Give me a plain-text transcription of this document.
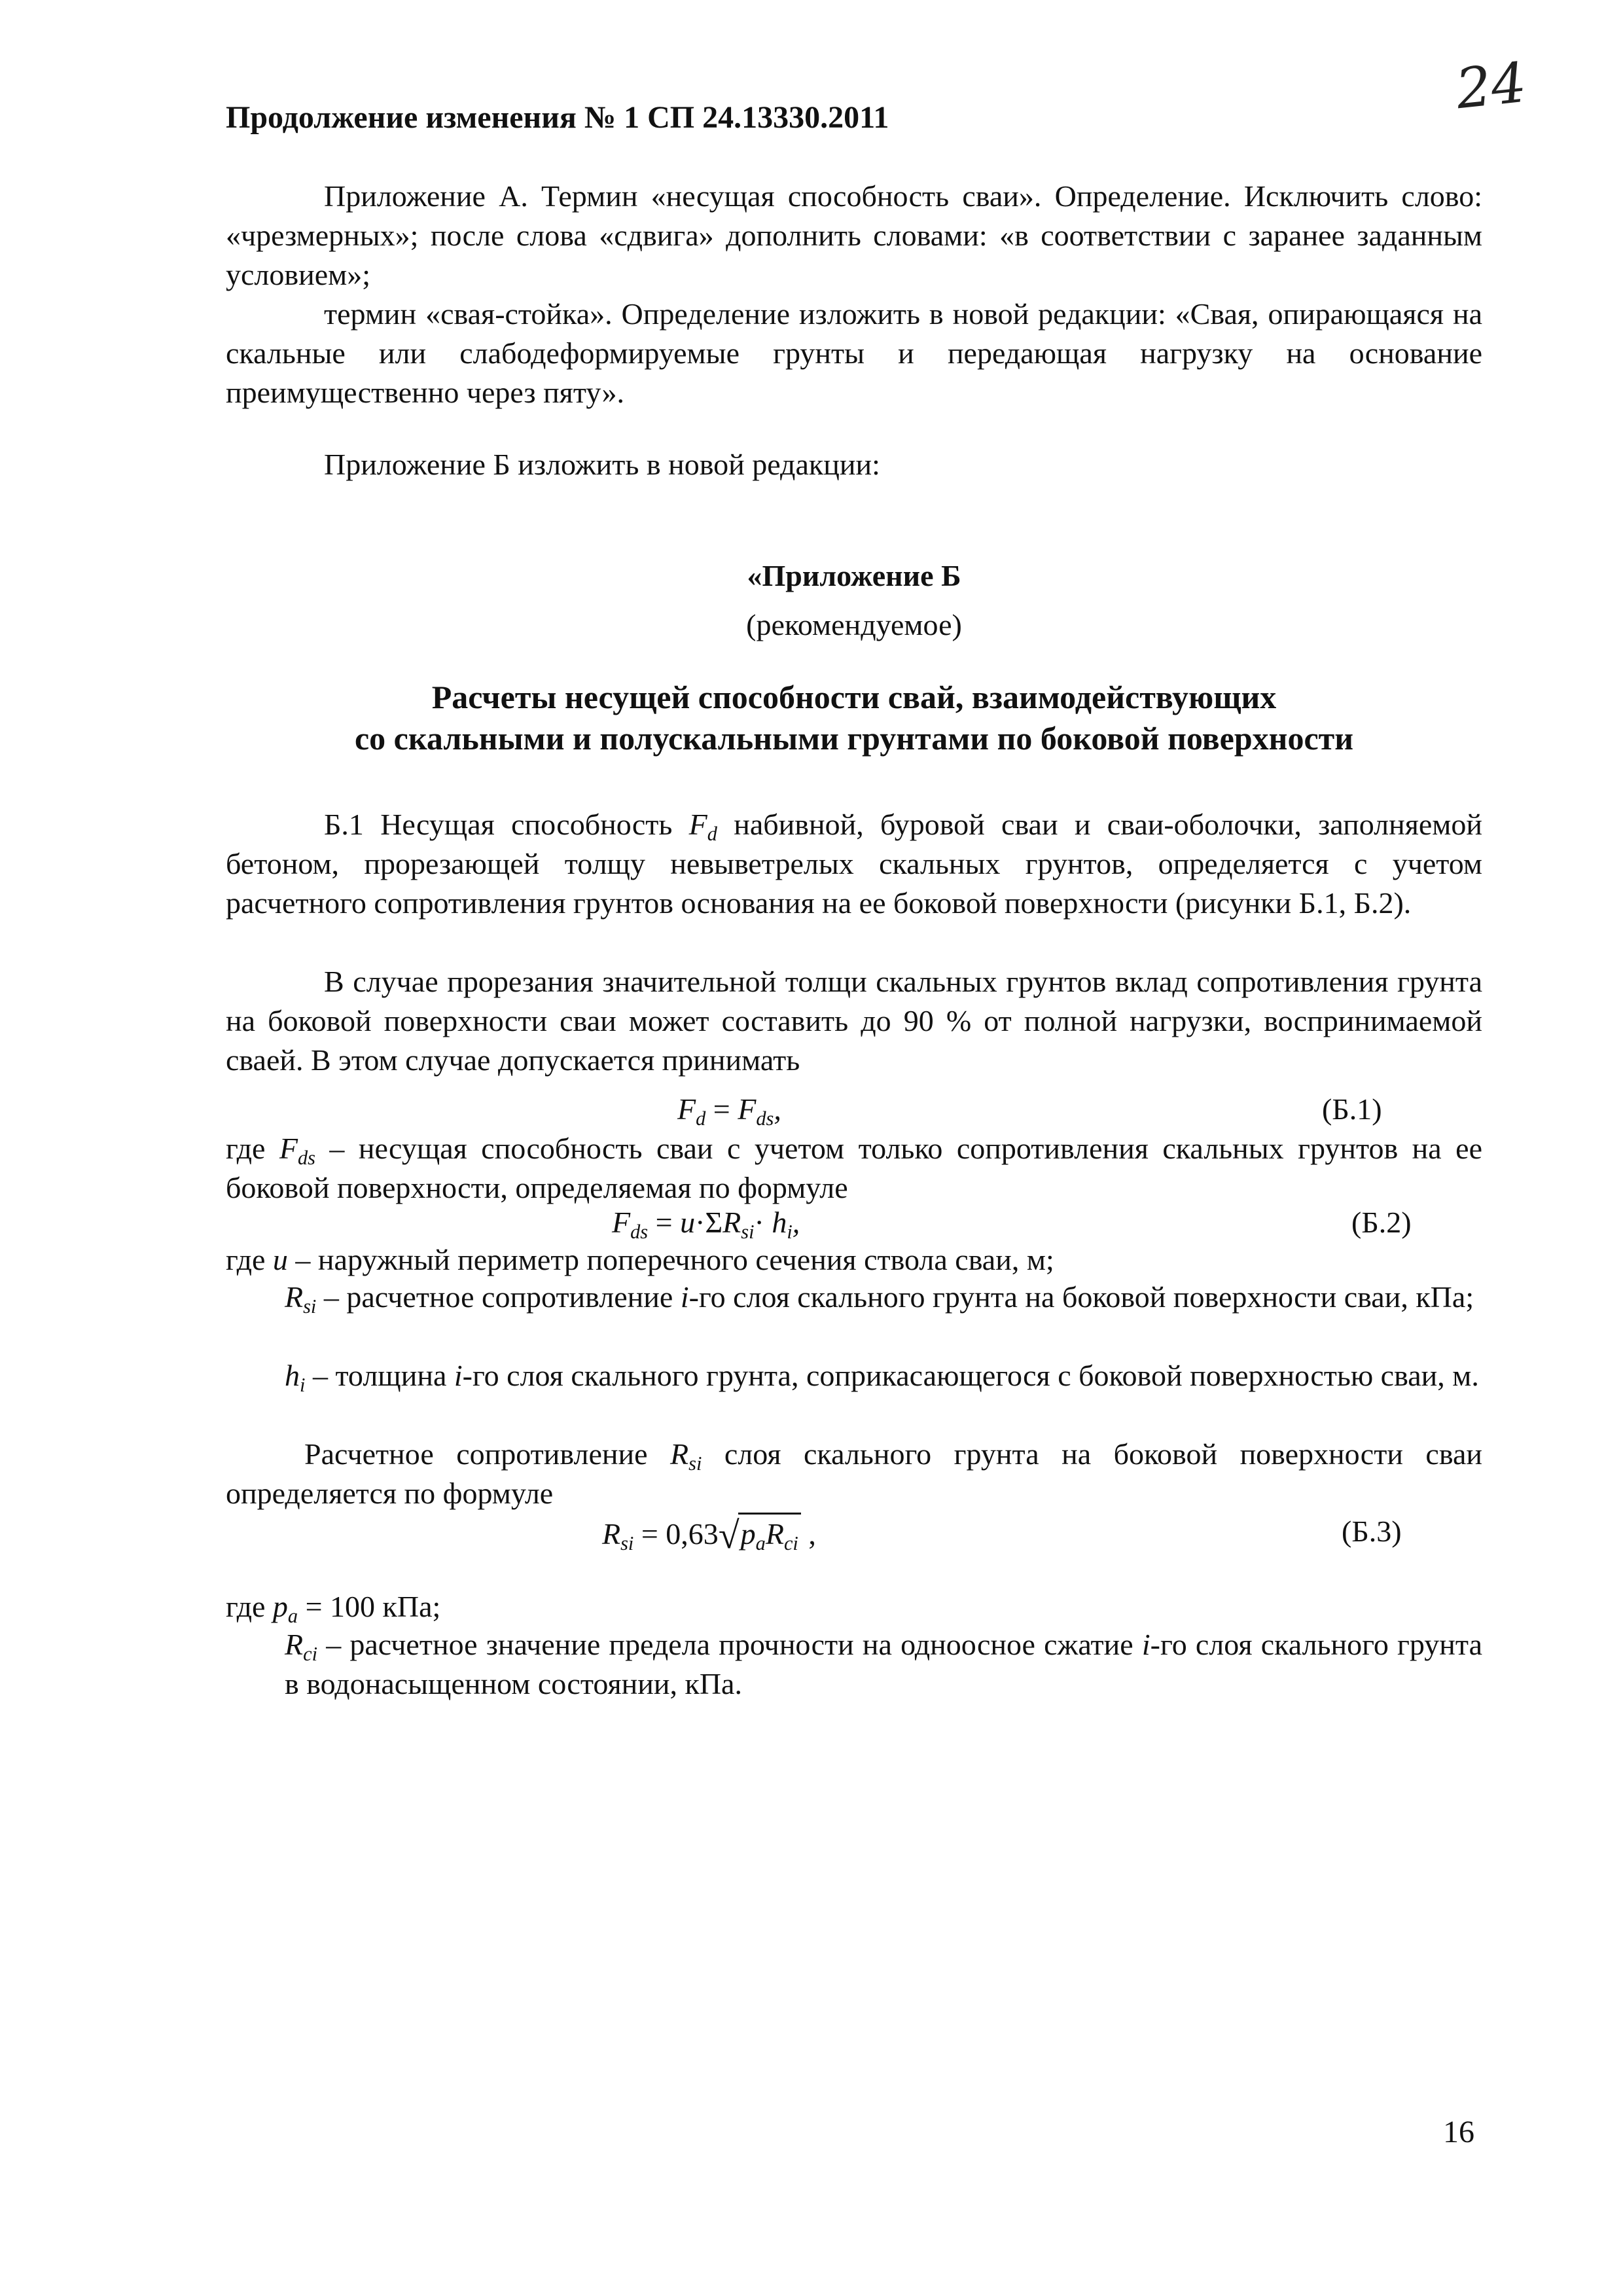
Продолжение изменения № 1 СП 24.13330.2011	24

Приложение А. Термин «несущая способность сваи». Определение. Исключить слово: «чрезмерных»; после слова «сдвига» дополнить словами: «в соответствии с заранее заданным условием»;

термин «свая-стойка». Определение изложить в новой редакции: «Свая, опирающаяся на скальные или слабодеформируемые грунты и передающая нагрузку на основание преимущественно через пяту».

Приложение Б изложить в новой редакции:

«Приложение Б
(рекомендуемое)
Расчеты несущей способности свай, взаимодействующих
со скальными и полускальными грунтами по боковой поверхности

Б.1 Несущая способность $F_d$ набивной, буровой сваи и сваи-оболочки, заполняемой бетоном, прорезающей толщу невыветрелых скальных грунтов, определяется с учетом расчетного сопротивления грунтов основания на ее боковой поверхности (рисунки Б.1, Б.2).

В случае прорезания значительной толщи скальных грунтов вклад сопротивления грунта на боковой поверхности сваи может составить до 90 % от полной нагрузки, воспринимаемой сваей. В этом случае допускается принимать

$F_d = F_{ds}$,	(Б.1)

где $F_{ds}$ – несущая способность сваи с учетом только сопротивления скальных грунтов на ее боковой поверхности, определяемая по формуле

$F_{ds} = u\cdot\Sigma R_{si}\cdot h_i$,	(Б.2)

где u – наружный периметр поперечного сечения ствола сваи, м;

$R_{si}$ – расчетное сопротивление i-го слоя скального грунта на боковой поверхности сваи, кПа;

$h_i$ – толщина i-го слоя скального грунта, соприкасающегося с боковой поверхностью сваи, м.

Расчетное сопротивление $R_{si}$ слоя скального грунта на боковой поверхности сваи определяется по формуле

$R_{si} = 0,63√p_aR_{ci}$ ,	(Б.3)

где $p_a = 100$ кПа;

$R_{ci}$ – расчетное значение предела прочности на одноосное сжатие i-го слоя скального грунта в водонасыщенном состоянии, кПа.

16
